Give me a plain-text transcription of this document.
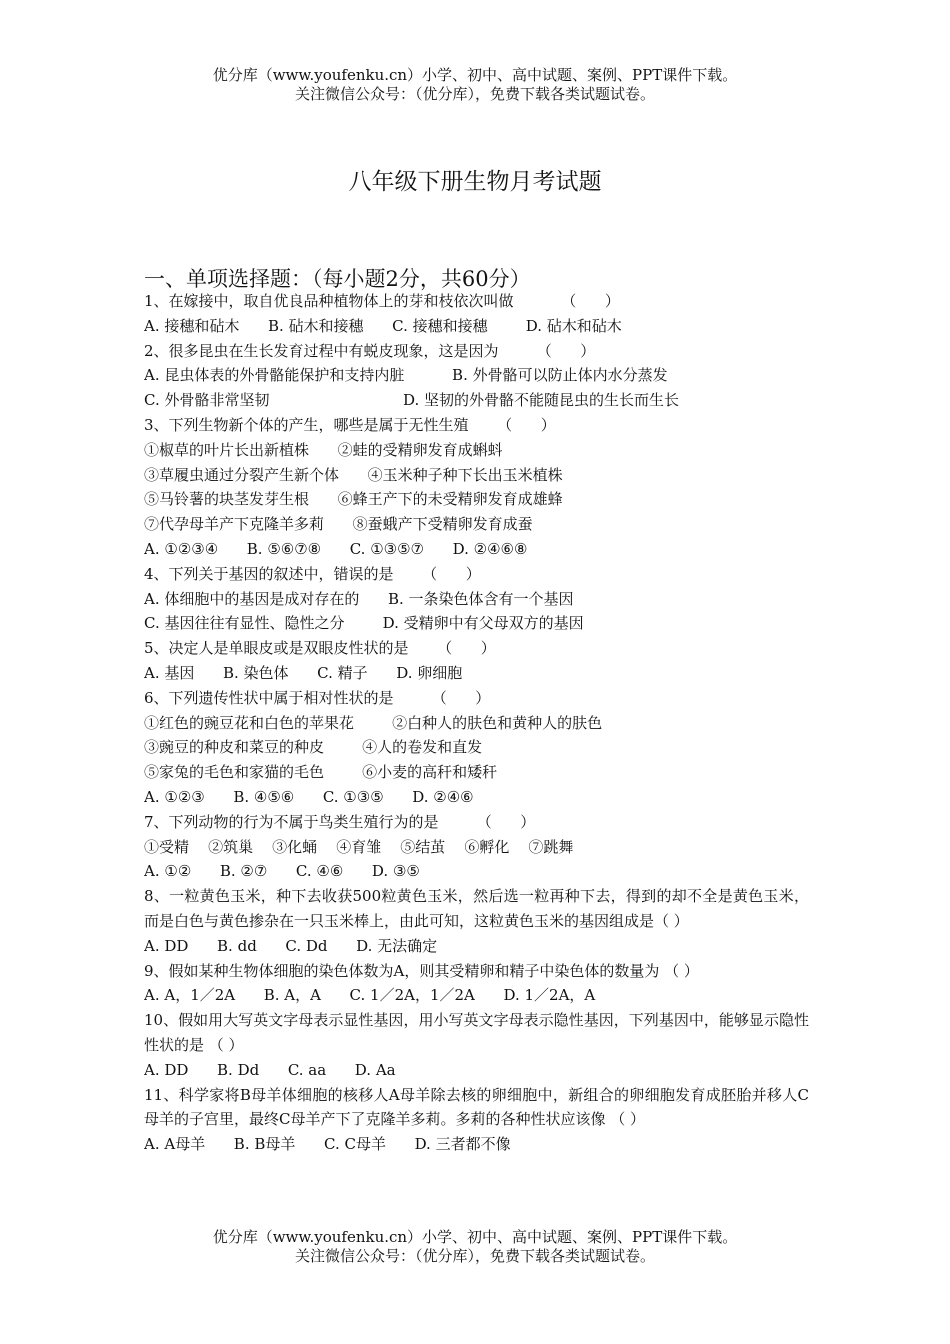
优分库（www.youfenku.cn）小学、初中、高中试题、案例、PPT课件下载。
关注微信公众号：（优分库），免费下载各类试题试卷。
八年级下册生物月考试题
一、单项选择题：（每小题2分，共60分）
1、在嫁接中，取自优良品种植物体上的芽和枝依次叫做          （      ）
A. 接穗和砧木      B. 砧木和接穗      C. 接穗和接穗        D. 砧木和砧木
2、很多昆虫在生长发育过程中有蜕皮现象，这是因为        （      ）
A. 昆虫体表的外骨骼能保护和支持内脏          B. 外骨骼可以防止体内水分蒸发
C. 外骨骼非常坚韧                            D. 坚韧的外骨骼不能随昆虫的生长而生长
3、下列生物新个体的产生，哪些是属于无性生殖      （      ）
①椒草的叶片长出新植株      ②蛙的受精卵发育成蝌蚪
③草履虫通过分裂产生新个体      ④玉米种子种下长出玉米植株
⑤马铃薯的块茎发芽生根      ⑥蜂王产下的未受精卵发育成雄蜂
⑦代孕母羊产下克隆羊多莉      ⑧蚕蛾产下受精卵发育成蚕
A. ①②③④      B. ⑤⑥⑦⑧      C. ①③⑤⑦      D. ②④⑥⑧
4、下列关于基因的叙述中，错误的是      （      ）
A. 体细胞中的基因是成对存在的      B. 一条染色体含有一个基因
C. 基因往往有显性、隐性之分        D. 受精卵中有父母双方的基因
5、决定人是单眼皮或是双眼皮性状的是      （      ）
A. 基因      B. 染色体      C. 精子      D. 卵细胞
6、下列遗传性状中属于相对性状的是        （      ）
①红色的豌豆花和白色的苹果花        ②白种人的肤色和黄种人的肤色
③豌豆的种皮和菜豆的种皮        ④人的卷发和直发
⑤家兔的毛色和家猫的毛色        ⑥小麦的高秆和矮秆
A. ①②③      B. ④⑤⑥      C. ①③⑤      D. ②④⑥
7、下列动物的行为不属于鸟类生殖行为的是        （      ）
①受精    ②筑巢    ③化蛹    ④育雏    ⑤结茧    ⑥孵化    ⑦跳舞
A. ①②      B. ②⑦      C. ④⑥      D. ③⑤
8、一粒黄色玉米，种下去收获500粒黄色玉米，然后选一粒再种下去，得到的却不全是黄色玉米，而是白色与黄色掺杂在一只玉米棒上，由此可知，这粒黄色玉米的基因组成是（ ）
A. DD      B. dd      C. Dd      D. 无法确定
9、假如某种生物体细胞的染色体数为A，则其受精卵和精子中染色体的数量为 （ ）
A. A，1／2A      B. A，A      C. 1／2A，1／2A      D. 1／2A，A
10、假如用大写英文字母表示显性基因，用小写英文字母表示隐性基因，下列基因中，能够显示隐性性状的是 （ ）
A. DD      B. Dd      C. aa      D. Aa
11、科学家将B母羊体细胞的核移人A母羊除去核的卵细胞中，新组合的卵细胞发育成胚胎并移人C母羊的子宫里，最终C母羊产下了克隆羊多莉。多莉的各种性状应该像 （ ）
A. A母羊      B. B母羊      C. C母羊      D. 三者都不像
优分库（www.youfenku.cn）小学、初中、高中试题、案例、PPT课件下载。
关注微信公众号：（优分库），免费下载各类试题试卷。
